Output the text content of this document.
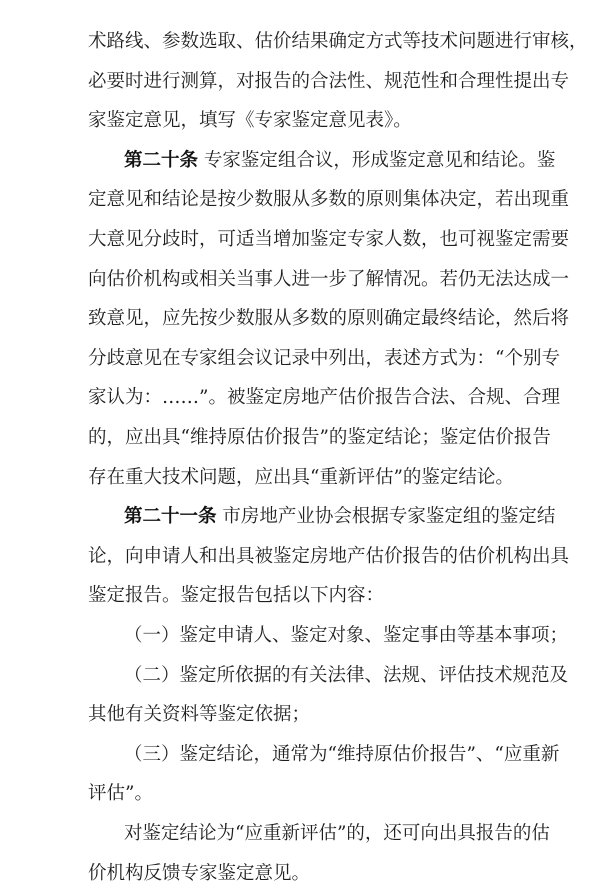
术路线、参数选取、估价结果确定方式等技术问题进行审核，
必要时进行测算，对报告的合法性、规范性和合理性提出专
家鉴定意见，填写《专家鉴定意见表》。
第二十条 专家鉴定组合议，形成鉴定意见和结论。鉴
定意见和结论是按少数服从多数的原则集体决定，若出现重
大意见分歧时，可适当增加鉴定专家人数，也可视鉴定需要
向估价机构或相关当事人进一步了解情况。若仍无法达成一
致意见，应先按少数服从多数的原则确定最终结论，然后将
分歧意见在专家组会议记录中列出，表述方式为：“个别专
家认为：……”。被鉴定房地产估价报告合法、合规、合理
的，应出具“维持原估价报告”的鉴定结论；鉴定估价报告
存在重大技术问题，应出具“重新评估”的鉴定结论。
第二十一条 市房地产业协会根据专家鉴定组的鉴定结
论，向申请人和出具被鉴定房地产估价报告的估价机构出具
鉴定报告。鉴定报告包括以下内容：
（一）鉴定申请人、鉴定对象、鉴定事由等基本事项；
（二）鉴定所依据的有关法律、法规、评估技术规范及
其他有关资料等鉴定依据；
（三）鉴定结论，通常为“维持原估价报告”、“应重新
评估”。
对鉴定结论为“应重新评估”的，还可向出具报告的估
价机构反馈专家鉴定意见。
